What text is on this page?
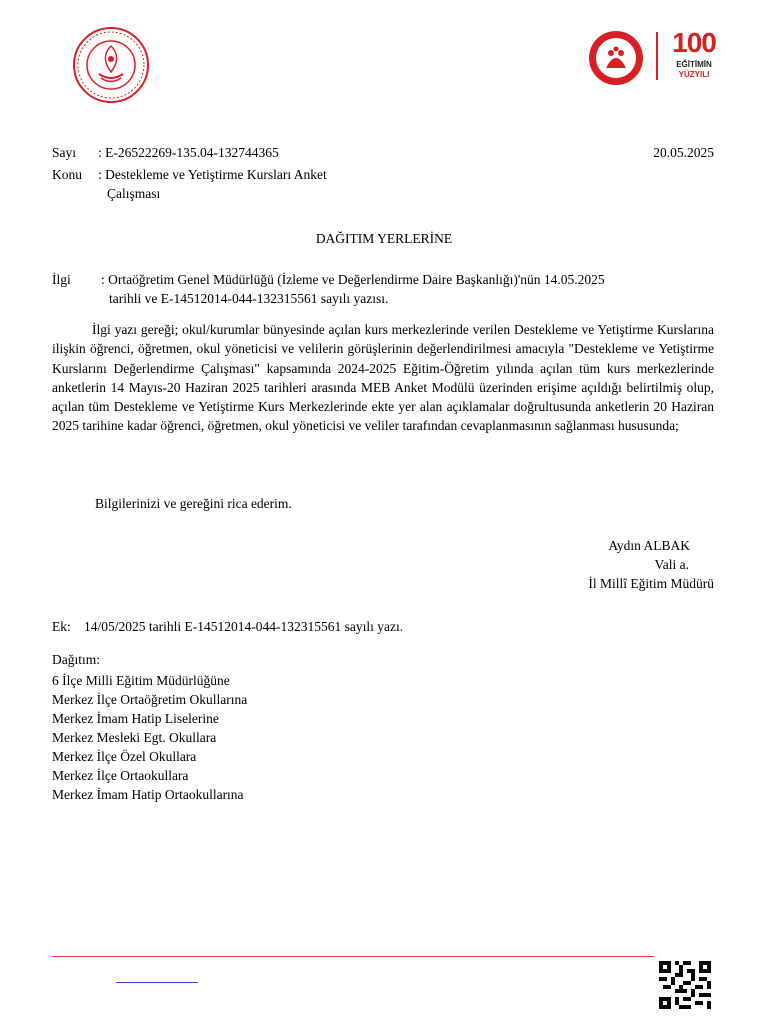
100
EĞİTİMİN
YÜZYILI
Sayı	: E-26522269-135.04-132744365	20.05.2025
Konu	: Destekleme ve Yetiştirme Kursları Anket
Çalışması
DAĞITIM YERLERİNE
İlgi : Ortaöğretim Genel Müdürlüğü (İzleme ve Değerlendirme Daire Başkanlığı)'nün 14.05.2025
tarihli ve E-14512014-044-132315561 sayılı yazısı.
İlgi yazı gereği; okul/kurumlar bünyesinde açılan kurs merkezlerinde verilen Destekleme ve Yetiştirme Kurslarına ilişkin öğrenci, öğretmen, okul yöneticisi ve velilerin görüşlerinin değerlendirilmesi amacıyla "Destekleme ve Yetiştirme Kurslarını Değerlendirme Çalışması" kapsamında 2024-2025 Eğitim-Öğretim yılında açılan tüm kurs merkezlerinde anketlerin 14 Mayıs-20 Haziran 2025 tarihleri arasında MEB Anket Modülü üzerinden erişime açıldığı belirtilmiş olup, açılan tüm Destekleme ve Yetiştirme Kurs Merkezlerinde ekte yer alan açıklamalar doğrultusunda anketlerin 20 Haziran 2025 tarihine kadar öğrenci, öğretmen, okul yöneticisi ve veliler tarafından cevaplanmasının sağlanması hususunda;
Bilgilerinizi ve gereğini rica ederim.
Aydın ALBAK
Vali a.
İl Millî Eğitim Müdürü
Ek: 14/05/2025 tarihli E-14512014-044-132315561 sayılı yazı.
Dağıtım:
6 İlçe Milli Eğitim Müdürlüğüne
Merkez İlçe Ortaöğretim Okullarına
Merkez İmam Hatip Liselerine
Merkez Mesleki Egt. Okullara
Merkez İlçe Özel Okullara
Merkez İlçe Ortaokullara
Merkez İmam Hatip Ortaokullarına
